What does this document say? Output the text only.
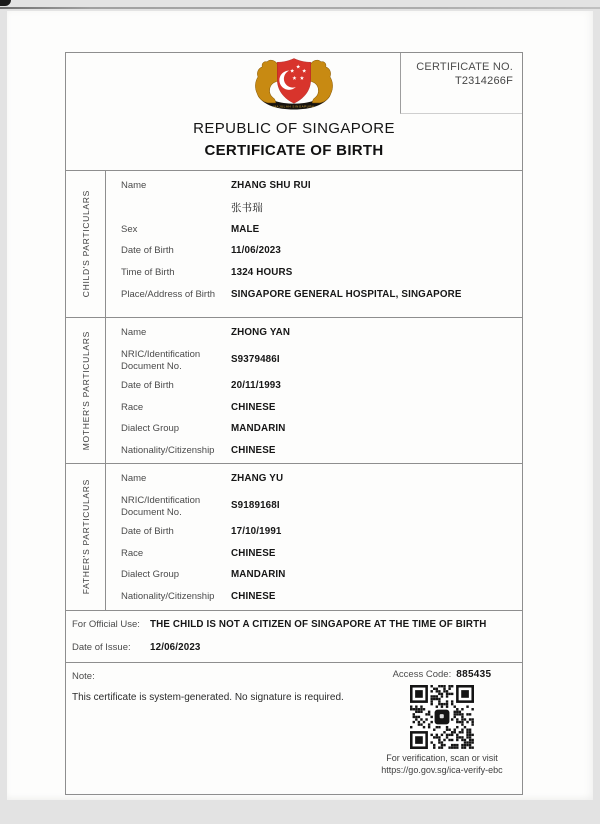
CERTIFICATE NO.
T2314266F
MAJULAH SINGAPURA
REPUBLIC OF SINGAPORE
CERTIFICATE OF BIRTH
CHILD'S PARTICULARS
Name	ZHANG SHU RUI
张书瑞
Sex	MALE
Date of Birth	11/06/2023
Time of Birth	1324 HOURS
Place/Address of Birth	SINGAPORE GENERAL HOSPITAL, SINGAPORE
MOTHER'S PARTICULARS	Name	ZHONG YAN
NRIC/Identification Document No.
S9379486I
Date of Birth	20/11/1993
Race	CHINESE
Dialect Group	MANDARIN
Nationality/Citizenship	CHINESE
FATHER'S PARTICULARS
Name	ZHANG YU
NRIC/Identification Document No.
S9189168I
Date of Birth	17/10/1991
Race	CHINESE
Dialect Group	MANDARIN
Nationality/Citizenship	CHINESE
For Official Use:	THE CHILD IS NOT A CITIZEN OF SINGAPORE AT THE TIME OF BIRTH
Date of Issue:	12/06/2023
Note:
This certificate is system-generated. No signature is required.
Access Code: 885435
For verification, scan or visit
https://go.gov.sg/ica-verify-ebc
